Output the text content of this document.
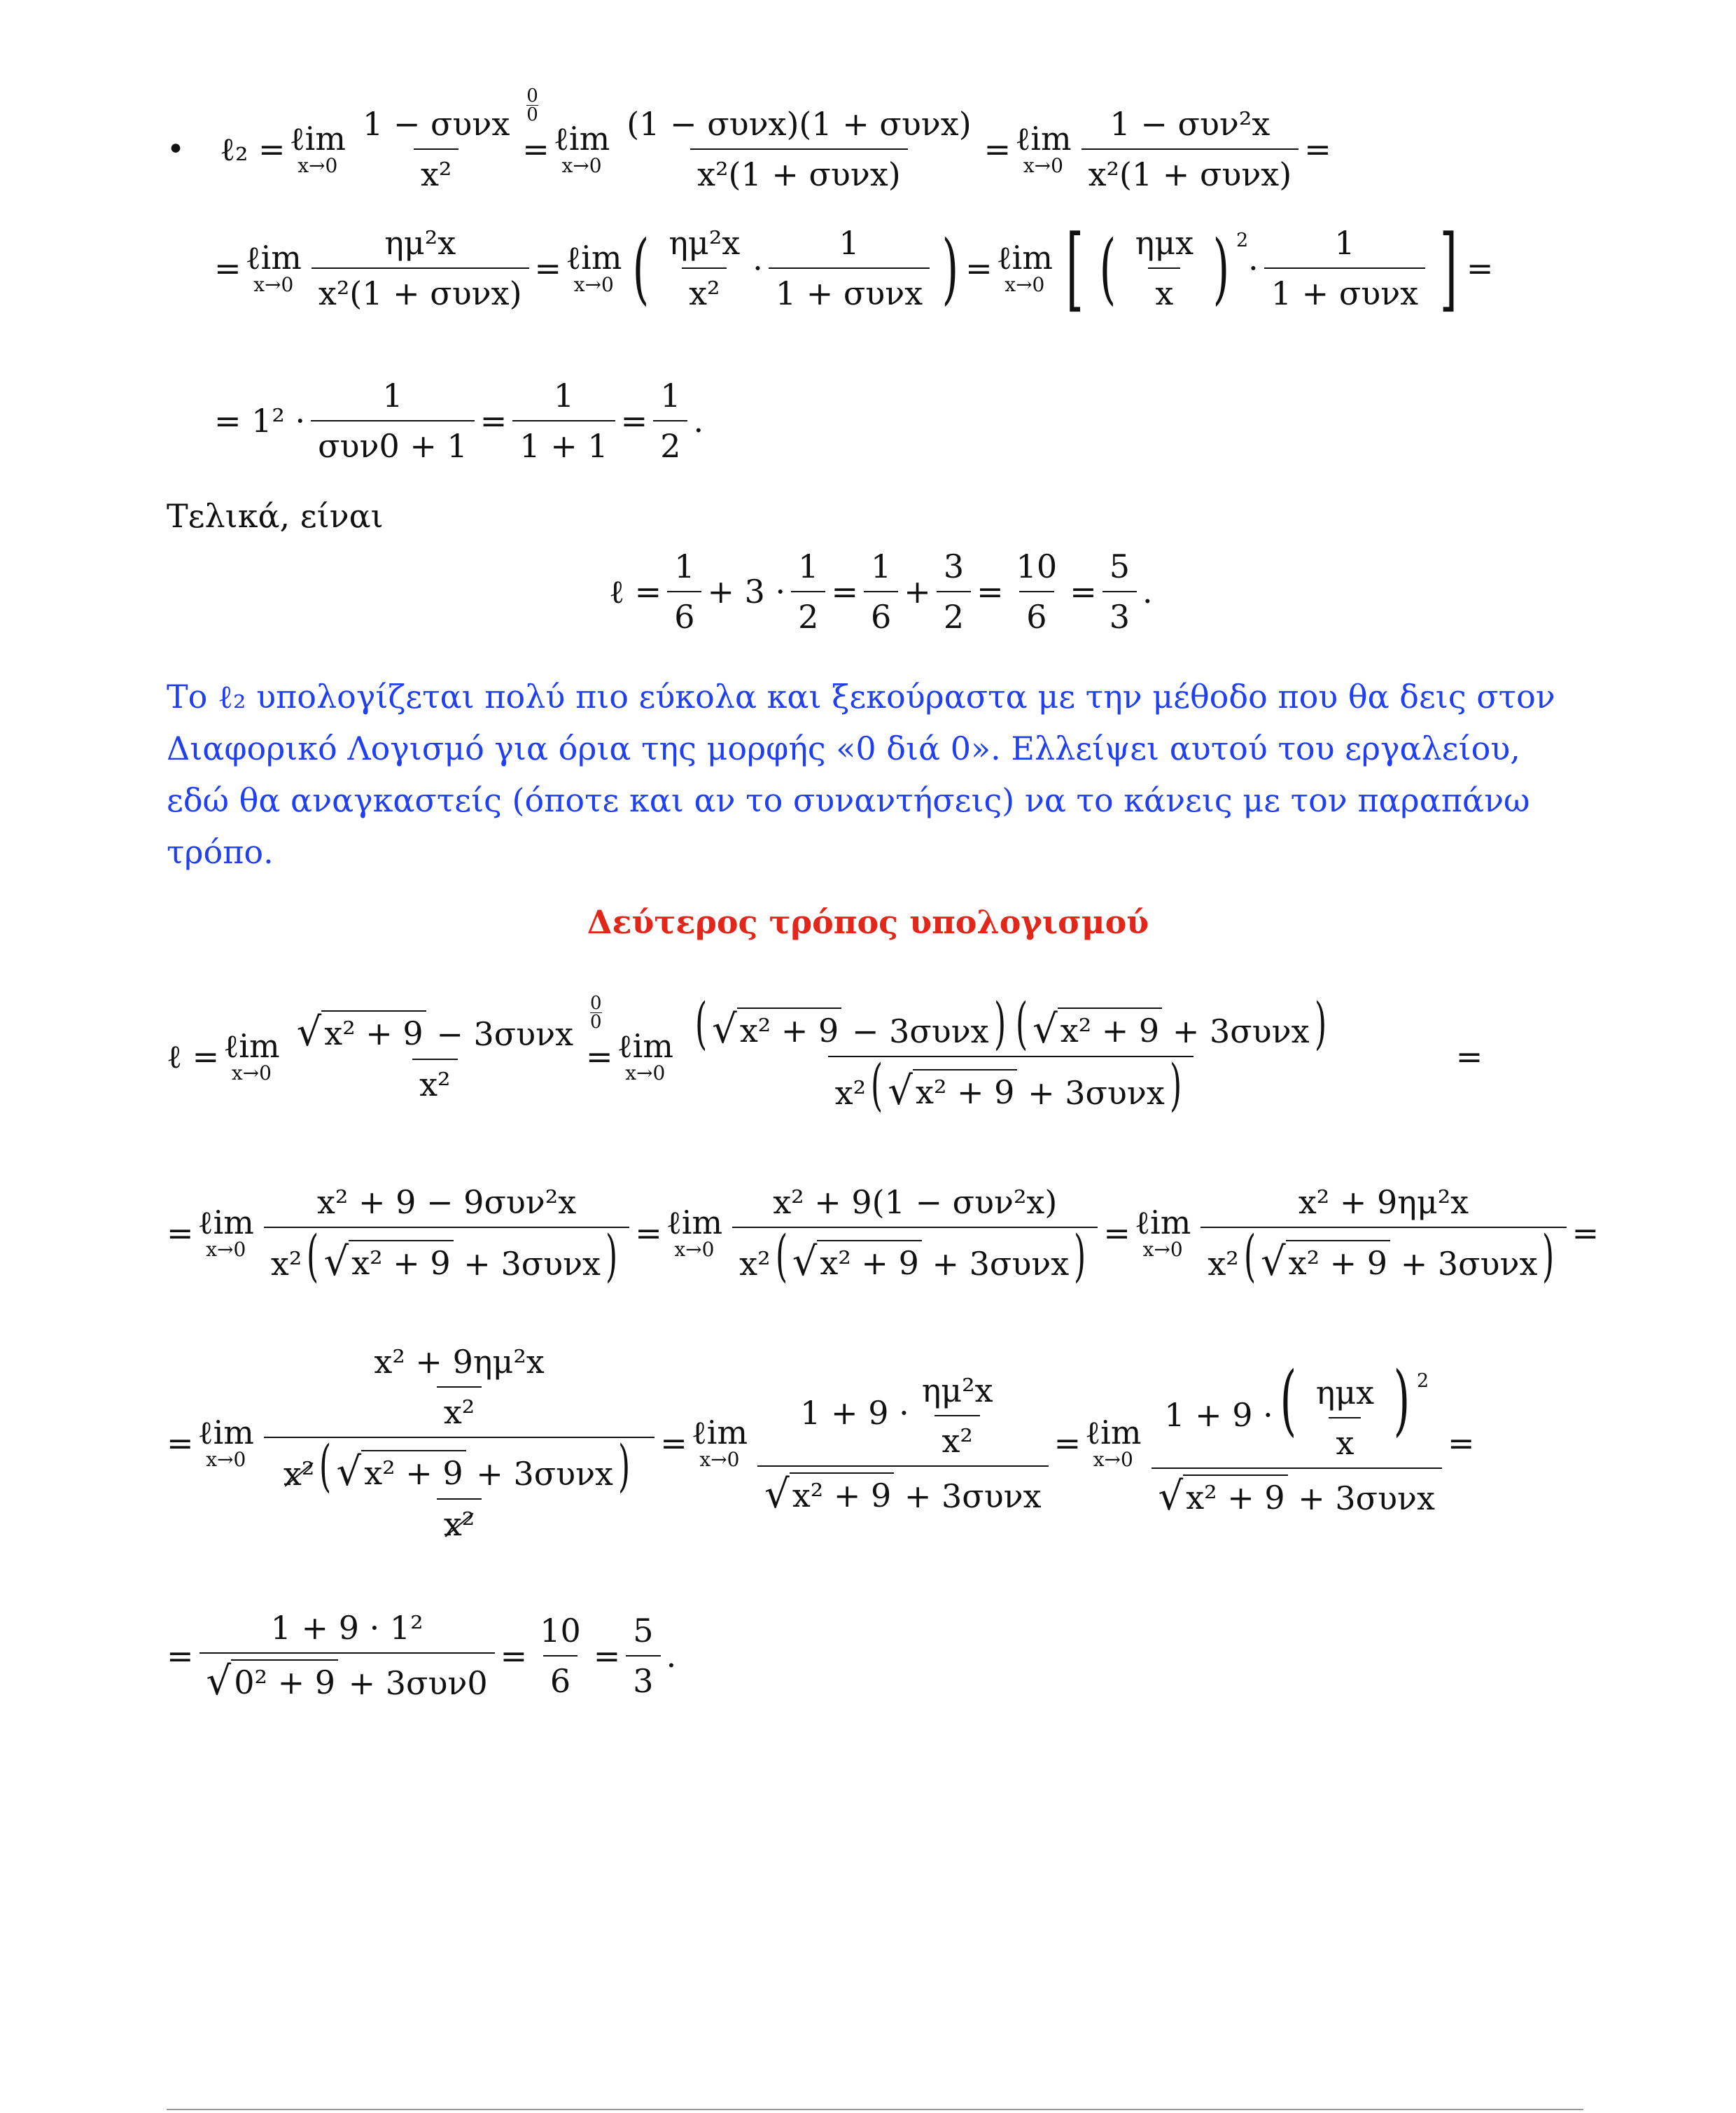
• ℓ₂ = ℓim
$x\to 0 \frac{\text{1 − συνx}}{\text{x²}}$
0
0
= ℓim
$x\to 0 \frac{\text{(1 − συνx)(1 + συνx)}}{\text{x²(1 + συνx)}}$ = ℓim
$x\to 0 \frac{\text{1 − συν²x}}{\text{x²(1 + συνx)}}$ =
= ℓim
$x\to 0 \frac{\text{ημ²x}}{\text{x²(1 + συνx)}}$ = ℓim
x→0 ( $\frac{\text{ημ²x}}{\text{x²}} \cdot \frac{1}{\text{1 + συνx}}$ ) = ℓim
x→0 [ ( $\frac{\text{ημx}}{x}$ ) 2
· $\frac{1}{\text{1 + συνx}}$ ] =
= $1^2 \cdot \frac{1}{\text{συν0 + 1}} = \frac{1}{1 + 1} = \frac{1}{2}$ .
Τελικά, είναι
ℓ = $\frac{1}{6} + 3 \cdot \frac{1}{2} = \frac{1}{6} + \frac{3}{2} = \frac{10}{6} = \frac{5}{3}$ .
Το ℓ₂ υπολογίζεται πολύ πιο εύκολα και ξεκούραστα με την μέθοδο που θα δεις στον
Διαφορικό Λογισμό για όρια της μορφής «0 διά 0». Ελλείψει αυτού του εργαλείου,
εδώ θα αναγκαστείς (όποτε και αν το συναντήσεις) να το κάνεις με τον παραπάνω
τρόπο.
Δεύτερος τρόπος υπολογισμού
ℓ = ℓim
$x\to 0 \frac{\text{√ x² + 9 − 3συνx}}{\text{x²}}$
0
0
= ℓim
$x\to 0 \frac{\text{( √ x² + 9 − 3συνx) ( √ x² + 9 + 3συνx)}}{\text{x²( √ x² + 9 + 3συνx)}}$	=
= ℓim
$x\to 0 \frac{\text{x² + 9 − 9συν²x}}{\text{x²( √ x² + 9 + 3συνx)}}$ = ℓim
$x\to 0 \frac{\text{x² + 9(1 − συν²x)}}{\text{x²( √ x² + 9 + 3συνx)}}$ = ℓim
$x\to 0 \frac{\text{x² + 9ημ²x}}{\text{x²( √ x² + 9 + 3συνx)}}$ =
= ℓim
$x\to 0 \frac{\frac{\text{x² + 9ημ²x}}{\text{x²}}}{\frac{\text{x²( √ x² + 9 + 3συνx)}}{\text{x²}}}$ = ℓim
$x\to 0 \frac{1 + 9 \cdot \frac{\text{ημ²x}}{\text{x²}}}{\text{√ x² + 9 + 3συνx}}$ = ℓim
$x\to 0 \frac{1 + 9 \cdot( \frac{\text{ημx}}{x} ) ^2}{\text{√ x² + 9 + 3συνx}}$ =
= $\frac{\text{1 + 9 · 1²}}{\text{√ 0² + 9 + 3συν0}} = \frac{10}{6} = \frac{5}{3}$ .
